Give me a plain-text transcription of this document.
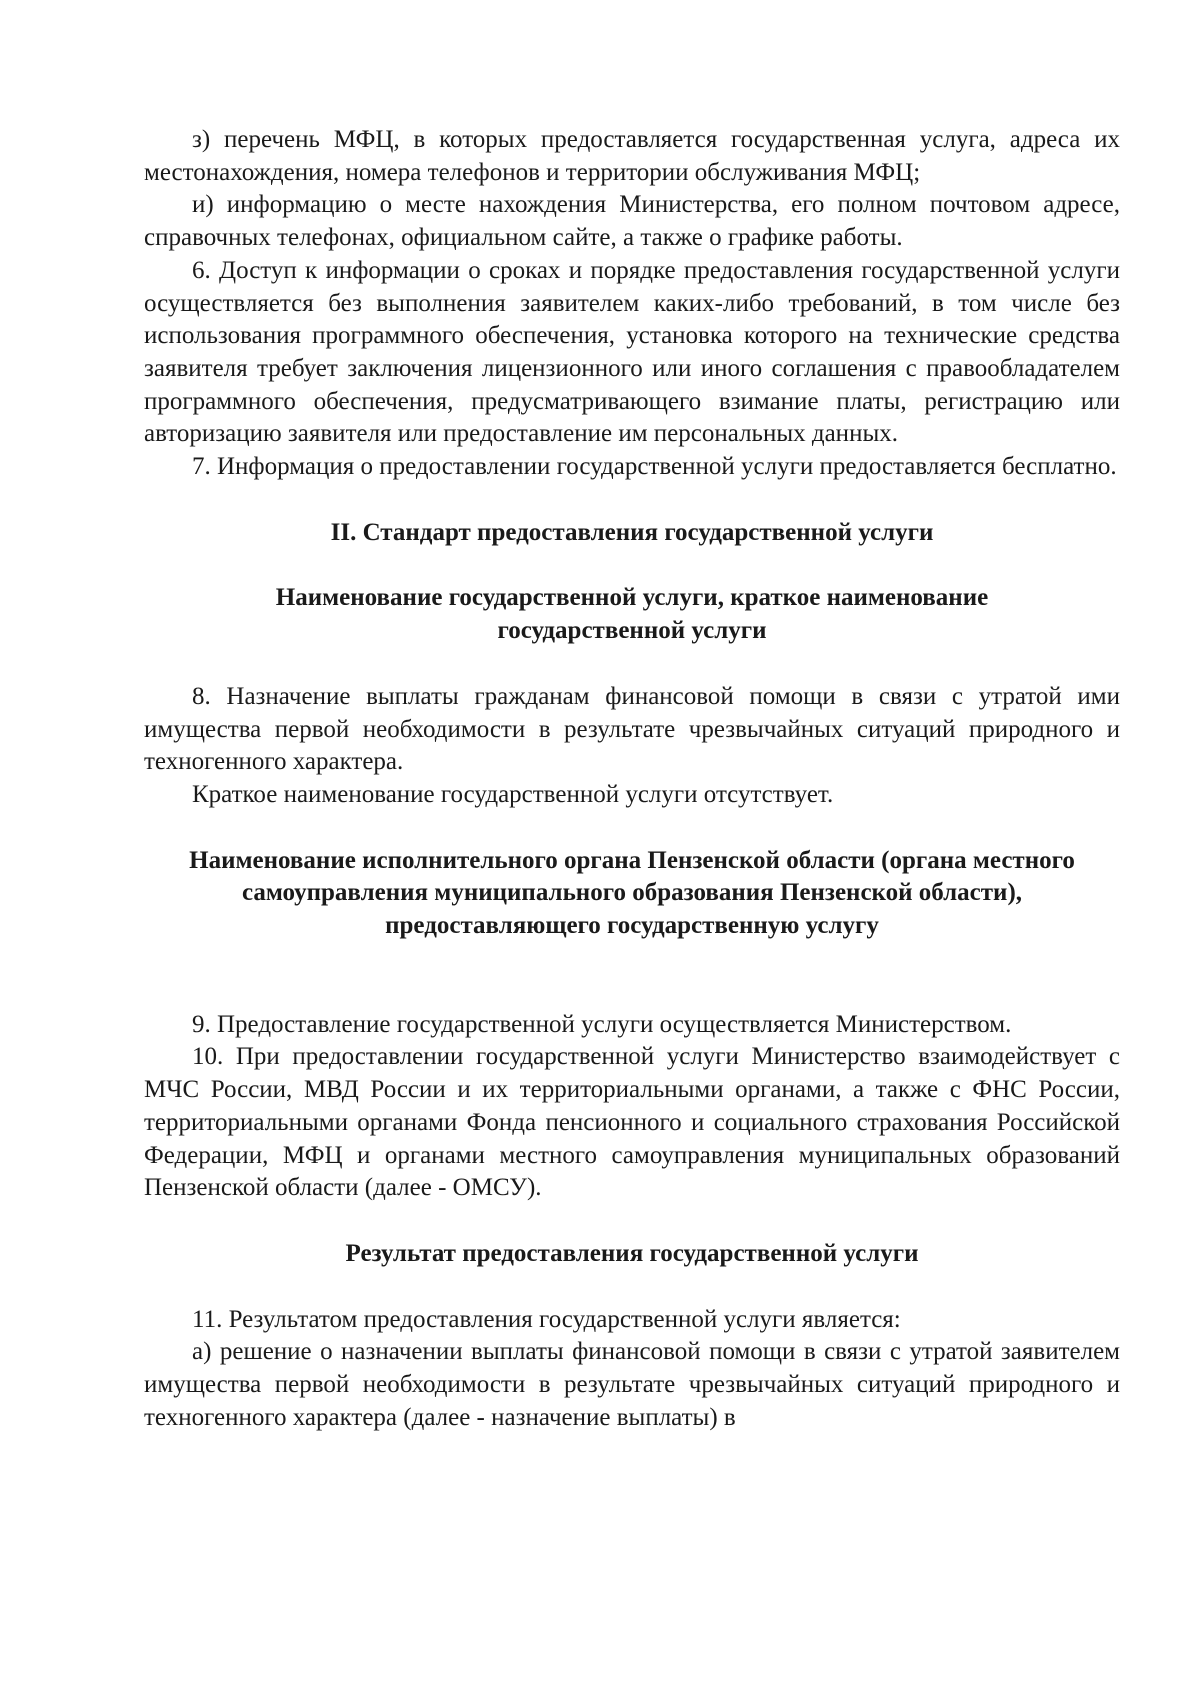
з) перечень МФЦ, в которых предоставляется государственная услуга, адреса их местонахождения, номера телефонов и территории обслуживания МФЦ;

и) информацию о месте нахождения Министерства, его полном почтовом адресе, справочных телефонах, официальном сайте, а также о графике работы.

6. Доступ к информации о сроках и порядке предоставления государственной услуги осуществляется без выполнения заявителем каких-либо требований, в том числе без использования программного обеспечения, установка которого на технические средства заявителя требует заключения лицензионного или иного соглашения с правообладателем программного обеспечения, предусматривающего взимание платы, регистрацию или авторизацию заявителя или предоставление им персональных данных.

7. Информация о предоставлении государственной услуги предоставляется бесплатно.

II. Стандарт предоставления государственной услуги
Наименование государственной услуги, краткое наименование государственной услуги

8. Назначение выплаты гражданам финансовой помощи в связи с утратой ими имущества первой необходимости в результате чрезвычайных ситуаций природного и техногенного характера.

Краткое наименование государственной услуги отсутствует.

Наименование исполнительного органа Пензенской области (органа местного самоуправления муниципального образования Пензенской области), предоставляющего государственную услугу

9. Предоставление государственной услуги осуществляется Министерством.

10. При предоставлении государственной услуги Министерство взаимодействует с МЧС России, МВД России и их территориальными органами, а также с ФНС России, территориальными органами Фонда пенсионного и социального страхования Российской Федерации, МФЦ и органами местного самоуправления муниципальных образований Пензенской области (далее - ОМСУ).

Результат предоставления государственной услуги

11. Результатом предоставления государственной услуги является:

а) решение о назначении выплаты финансовой помощи в связи с утратой заявителем имущества первой необходимости в результате чрезвычайных ситуаций природного и техногенного характера (далее - назначение выплаты) в
